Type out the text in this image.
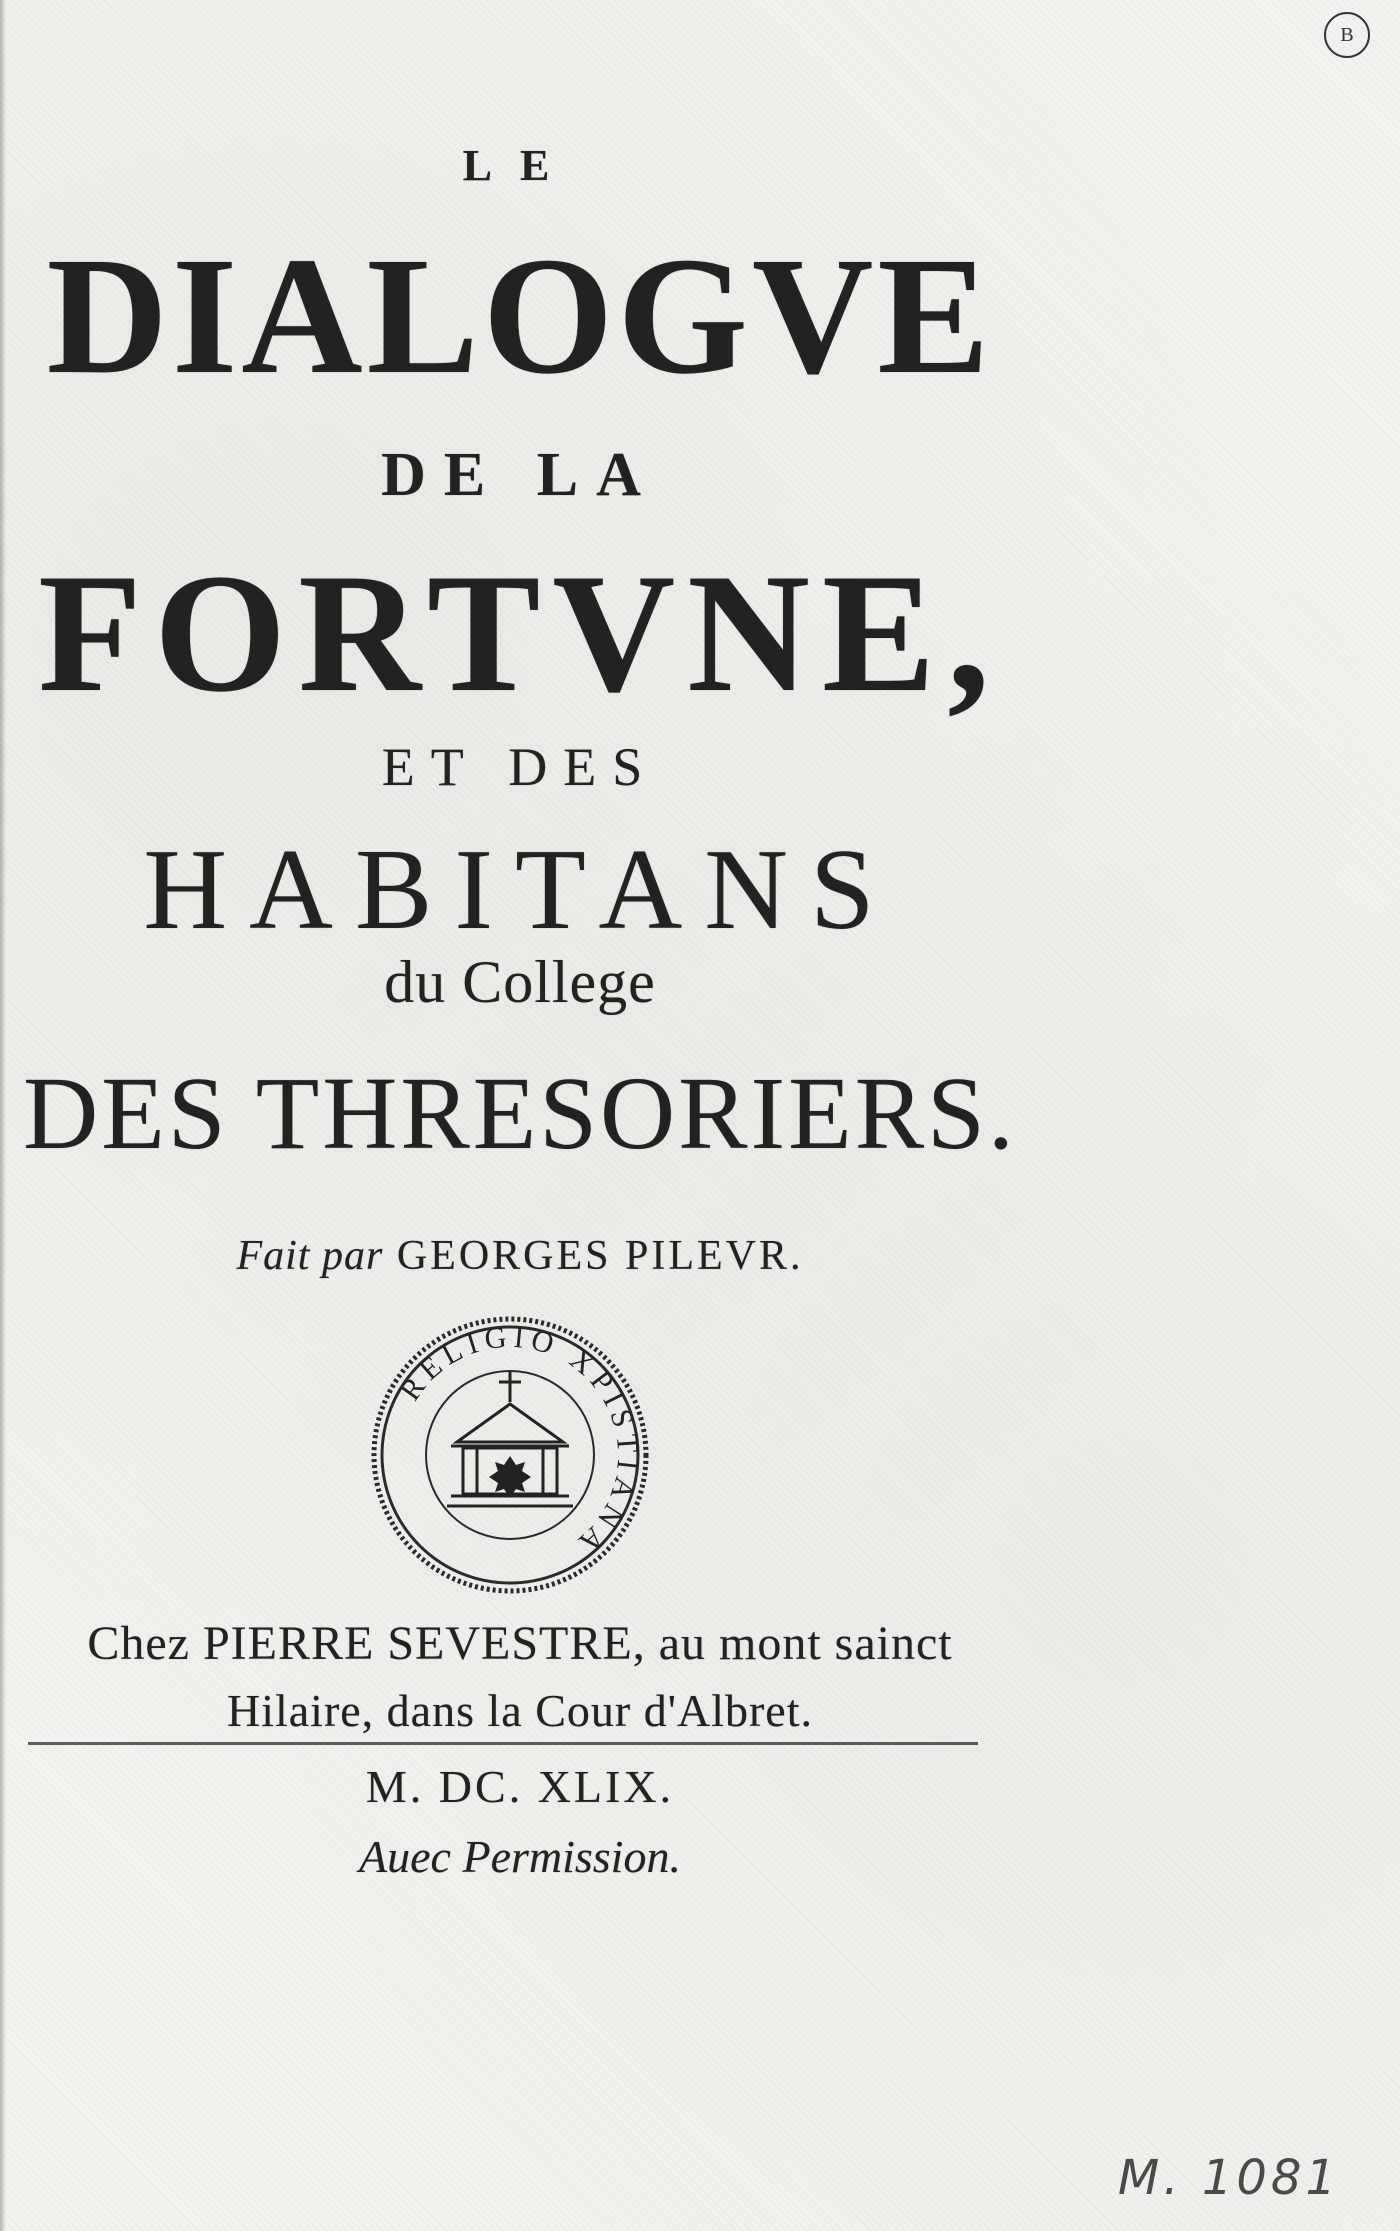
B
LE
DIALOGVE
DE LA
FORTVNE,
ET DES
HABITANS
du College
DES THRESORIERS.
Fait par GEORGES PILEVR.
RELIGIO XPISTIANA
Chez PIERRE SEVESTRE, au mont sainct
Hilaire, dans la Cour d'Albret.
M. DC. XLIX.
Auec Permission.
M. 1081
